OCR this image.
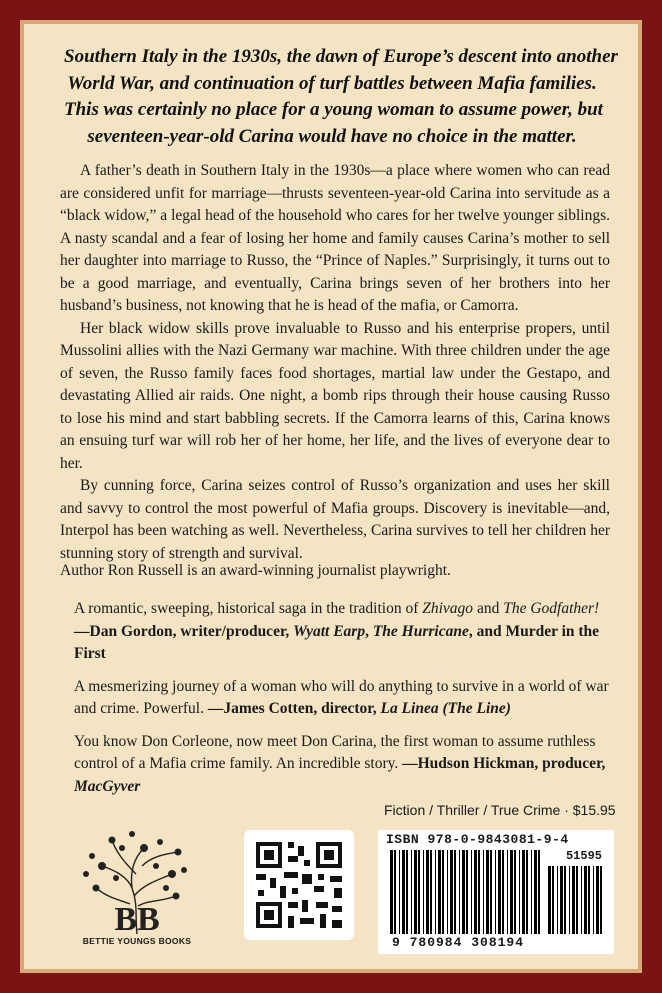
Southern Italy in the 1930s, the dawn of Europe’s descent into another
World War, and continuation of turf battles between Mafia families.
This was certainly no place for a young woman to assume power, but
seventeen-year-old Carina would have no choice in the matter.

A father’s death in Southern Italy in the 1930s—a place where women who can read are considered unfit for marriage—thrusts seventeen-year-old Carina into servitude as a “black widow,” a legal head of the household who cares for her twelve younger siblings. A nasty scandal and a fear of losing her home and family causes Carina’s mother to sell her daughter into marriage to Russo, the “Prince of Naples.” Surprisingly, it turns out to be a good marriage, and eventually, Carina brings seven of her brothers into her husband’s business, not knowing that he is head of the mafia, or Camorra.

Her black widow skills prove invaluable to Russo and his enterprise propers, until Mussolini allies with the Nazi Germany war machine. With three children under the age of seven, the Russo family faces food shortages, martial law under the Gestapo, and devastating Allied air raids. One night, a bomb rips through their house causing Russo to lose his mind and start babbling secrets. If the Camorra learns of this, Carina knows an ensuing turf war will rob her of her home, her life, and the lives of everyone dear to her.

By cunning force, Carina seizes control of Russo’s organization and uses her skill and savvy to control the most powerful of Mafia groups. Discovery is inevitable—and, Interpol has been watching as well. Nevertheless, Carina survives to tell her children her stunning story of strength and survival.

Author Ron Russell is an award-winning journalist playwright.

A romantic, sweeping, historical saga in the tradition of Zhivago and The Godfather! —Dan Gordon, writer/producer, Wyatt Earp, The Hurricane, and Murder in the First

A mesmerizing journey of a woman who will do anything to survive in a world of war and crime. Powerful. —James Cotten, director, La Linea (The Line)

You know Don Corleone, now meet Don Carina, the first woman to assume ruthless control of a Mafia crime family. An incredible story. —Hudson Hickman, producer, MacGyver

Fiction / Thriller / True Crime · $15.95
BB
BETTIE YOUNGS BOOKS
ISBN 978-0-9843081-9-4
51595
9 780984 308194
